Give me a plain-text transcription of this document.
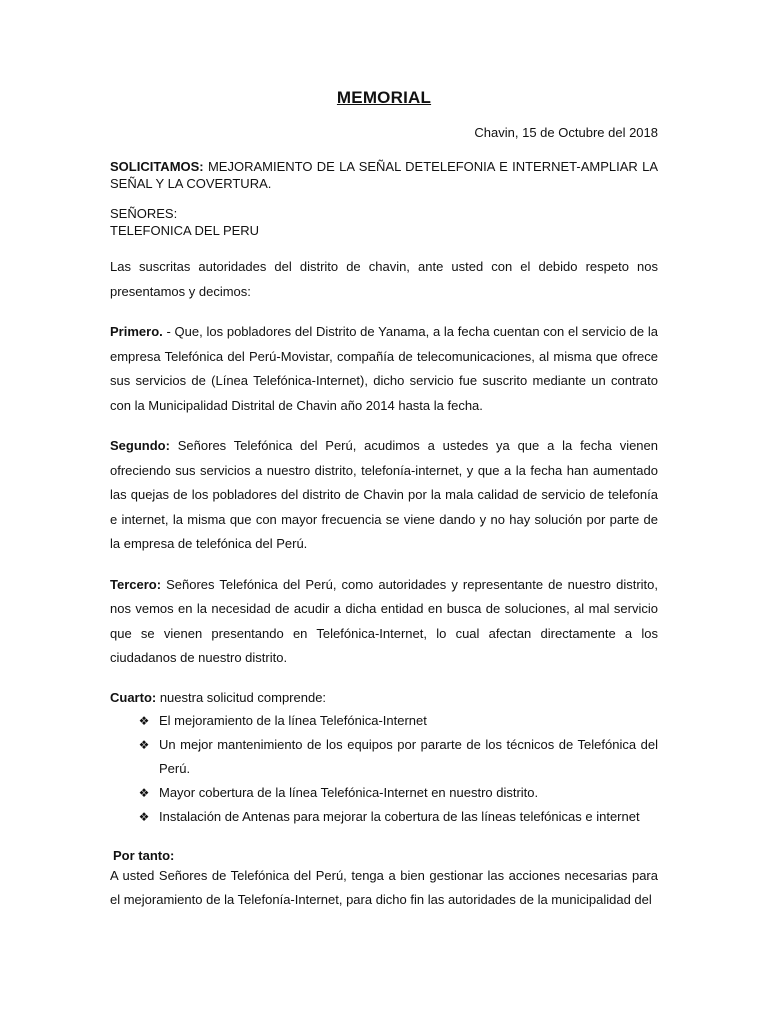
MEMORIAL
Chavin, 15 de Octubre del 2018

SOLICITAMOS: MEJORAMIENTO DE LA SEÑAL DETELEFONIA E INTERNET-AMPLIAR LA SEÑAL Y LA COVERTURA.

SEÑORES:
TELEFONICA DEL PERU

Las suscritas autoridades del distrito de chavin, ante usted con el debido respeto nos presentamos y decimos:

Primero. - Que, los pobladores del Distrito de Yanama, a la fecha cuentan con el servicio de la empresa Telefónica del Perú-Movistar, compañía de telecomunicaciones, al misma que ofrece sus servicios de (Línea Telefónica-Internet), dicho servicio fue suscrito mediante un contrato con la Municipalidad Distrital de Chavin año 2014 hasta la fecha.

Segundo: Señores Telefónica del Perú, acudimos a ustedes ya que a la fecha vienen ofreciendo sus servicios a nuestro distrito, telefonía-internet, y que a la fecha han aumentado las quejas de los pobladores del distrito de Chavin por la mala calidad de servicio de telefonía e internet, la misma que con mayor frecuencia se viene dando y no hay solución por parte de la empresa de telefónica del Perú.

Tercero: Señores Telefónica del Perú, como autoridades y representante de nuestro distrito, nos vemos en la necesidad de acudir a dicha entidad en busca de soluciones, al mal servicio que se vienen presentando en Telefónica-Internet, lo cual afectan directamente a los ciudadanos de nuestro distrito.

Cuarto: nuestra solicitud comprende:

❖ El mejoramiento de la línea Telefónica-Internet
❖ Un mejor mantenimiento de los equipos por pararte de los técnicos de Telefónica del Perú.
❖ Mayor cobertura de la línea Telefónica-Internet en nuestro distrito.
❖ Instalación de Antenas para mejorar la cobertura de las líneas telefónicas e internet

Por tanto:

A usted Señores de Telefónica del Perú, tenga a bien gestionar las acciones necesarias para el mejoramiento de la Telefonía-Internet, para dicho fin las autoridades de la municipalidad del
